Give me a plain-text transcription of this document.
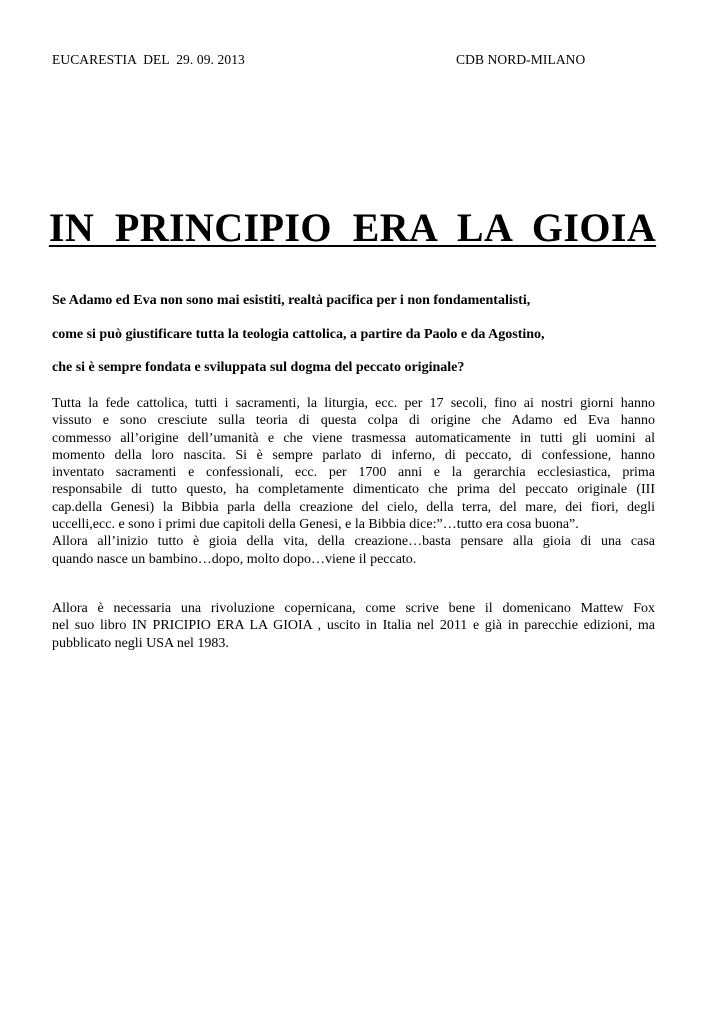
EUCARESTIA  DEL  29. 09. 2013	CDB NORD-MILANO
IN  PRINCIPIO  ERA  LA  GIOIA
Se Adamo ed Eva non sono mai esistiti, realtà pacifica per i non fondamentalisti,
come si può giustificare tutta la teologia cattolica, a partire da Paolo e da Agostino,
che si è sempre fondata e sviluppata sul dogma del peccato originale?
Tutta la fede cattolica, tutti i sacramenti, la liturgia, ecc. per 17 secoli, fino ai nostri giorni hanno
vissuto e sono cresciute sulla teoria di questa colpa di origine che Adamo ed Eva hanno
commesso all’origine dell’umanità e che viene trasmessa automaticamente in tutti gli uomini al
momento della loro nascita. Si è sempre parlato di inferno, di peccato, di confessione, hanno
inventato sacramenti e confessionali, ecc. per 1700 anni e la gerarchia ecclesiastica, prima
responsabile di tutto questo, ha completamente dimenticato che prima del peccato originale (III
cap.della Genesi) la Bibbia parla della creazione del cielo, della terra, del mare, dei fiori, degli
uccelli,ecc. e sono i primi due capitoli della Genesi, e la Bibbia dice:”…tutto era cosa buona”.
Allora all’inizio tutto è gioia della vita, della creazione…basta pensare alla gioia di una casa
quando nasce un bambino…dopo, molto dopo…viene il peccato.
Allora è necessaria una rivoluzione copernicana, come scrive bene il domenicano Mattew Fox
nel suo libro IN PRICIPIO ERA LA GIOIA , uscito in Italia nel 2011 e già in parecchie edizioni, ma
pubblicato negli USA nel 1983.
